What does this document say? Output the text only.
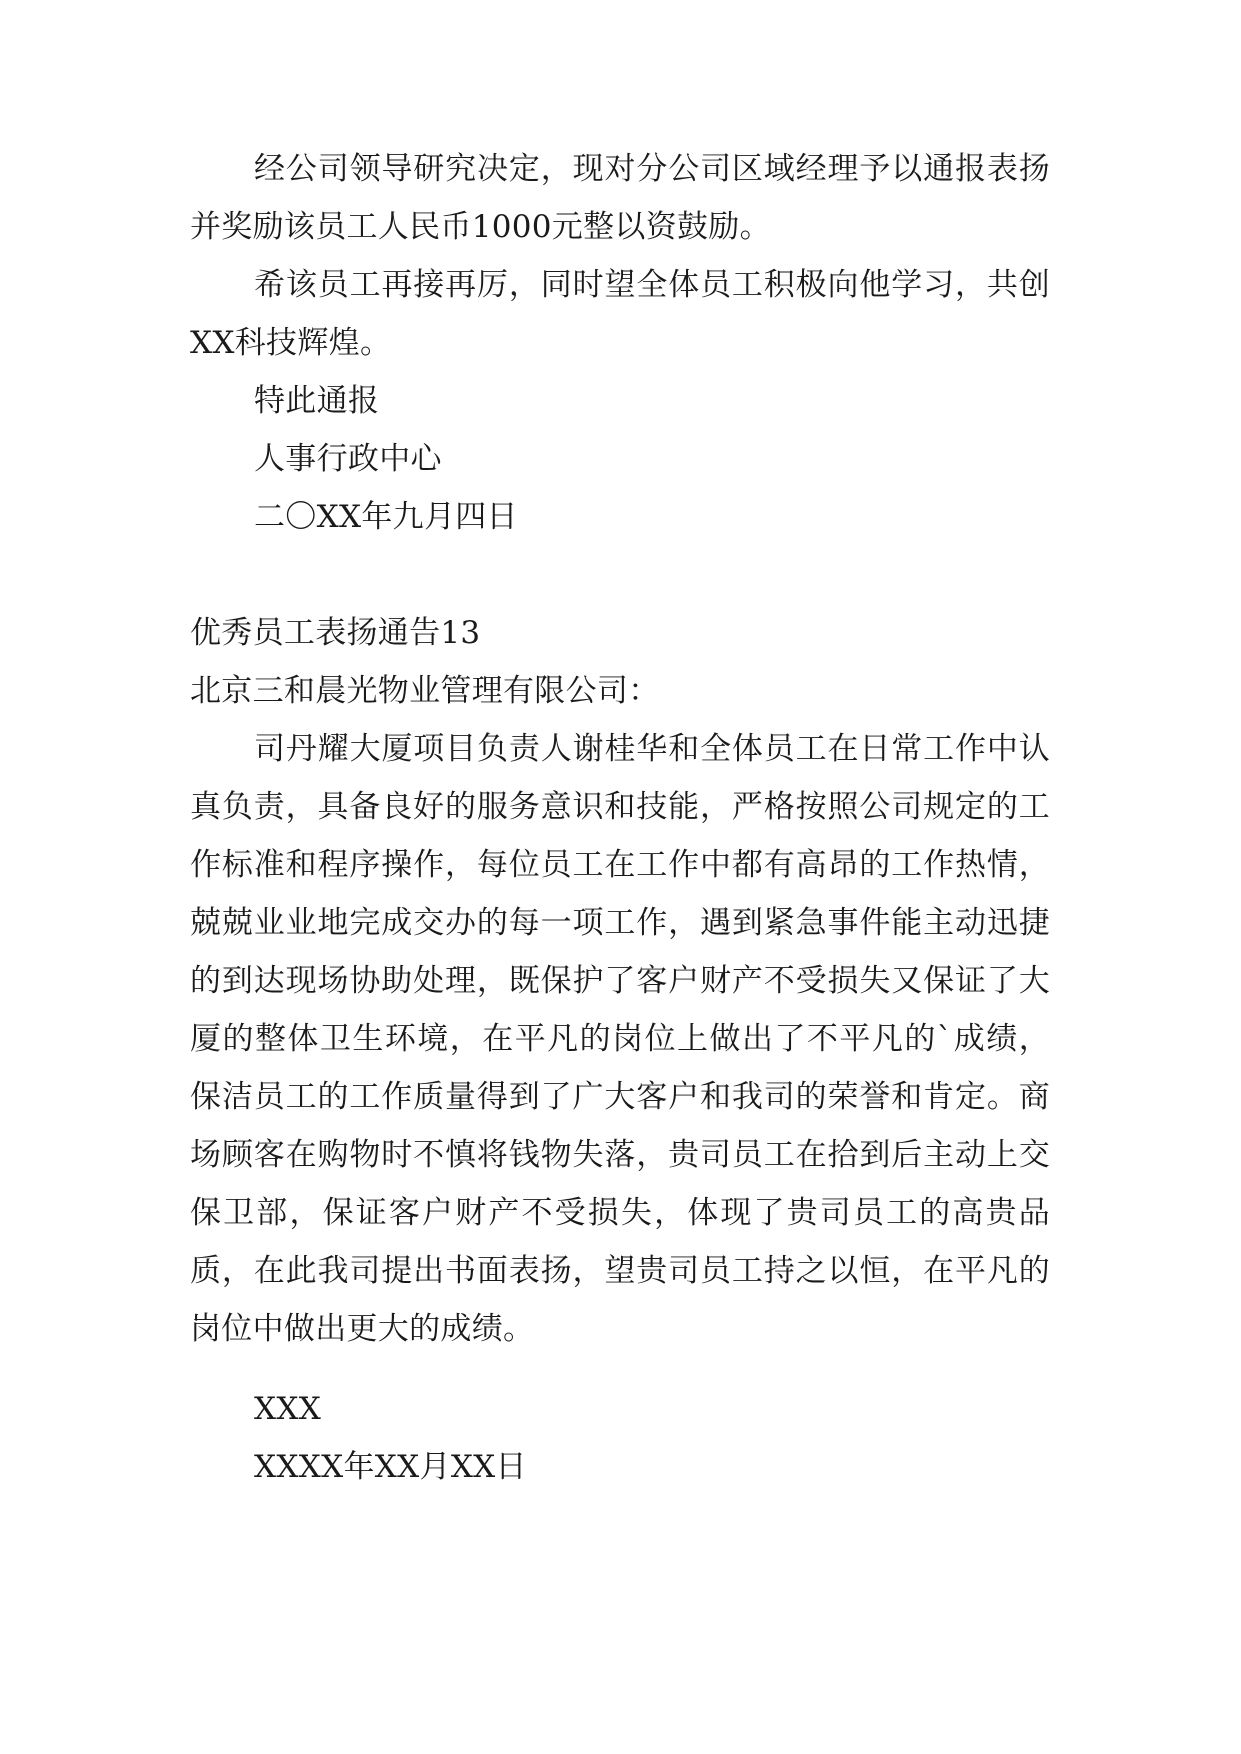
经公司领导研究决定，现对分公司区域经理予以通报表扬并奖励该员工人民币1000元整以资鼓励。

希该员工再接再厉，同时望全体员工积极向他学习，共创XX科技辉煌。

特此通报

人事行政中心

二〇XX年九月四日

优秀员工表扬通告13

北京三和晨光物业管理有限公司：

司丹耀大厦项目负责人谢桂华和全体员工在日常工作中认真负责，具备良好的服务意识和技能，严格按照公司规定的工作标准和程序操作，每位员工在工作中都有高昂的工作热情，兢兢业业地完成交办的每一项工作，遇到紧急事件能主动迅捷的到达现场协助处理，既保护了客户财产不受损失又保证了大厦的整体卫生环境，在平凡的岗位上做出了不平凡的`成绩，保洁员工的工作质量得到了广大客户和我司的荣誉和肯定。商场顾客在购物时不慎将钱物失落，贵司员工在拾到后主动上交保卫部，保证客户财产不受损失，体现了贵司员工的高贵品质，在此我司提出书面表扬，望贵司员工持之以恒，在平凡的岗位中做出更大的成绩。

XXX

XXXX年XX月XX日
